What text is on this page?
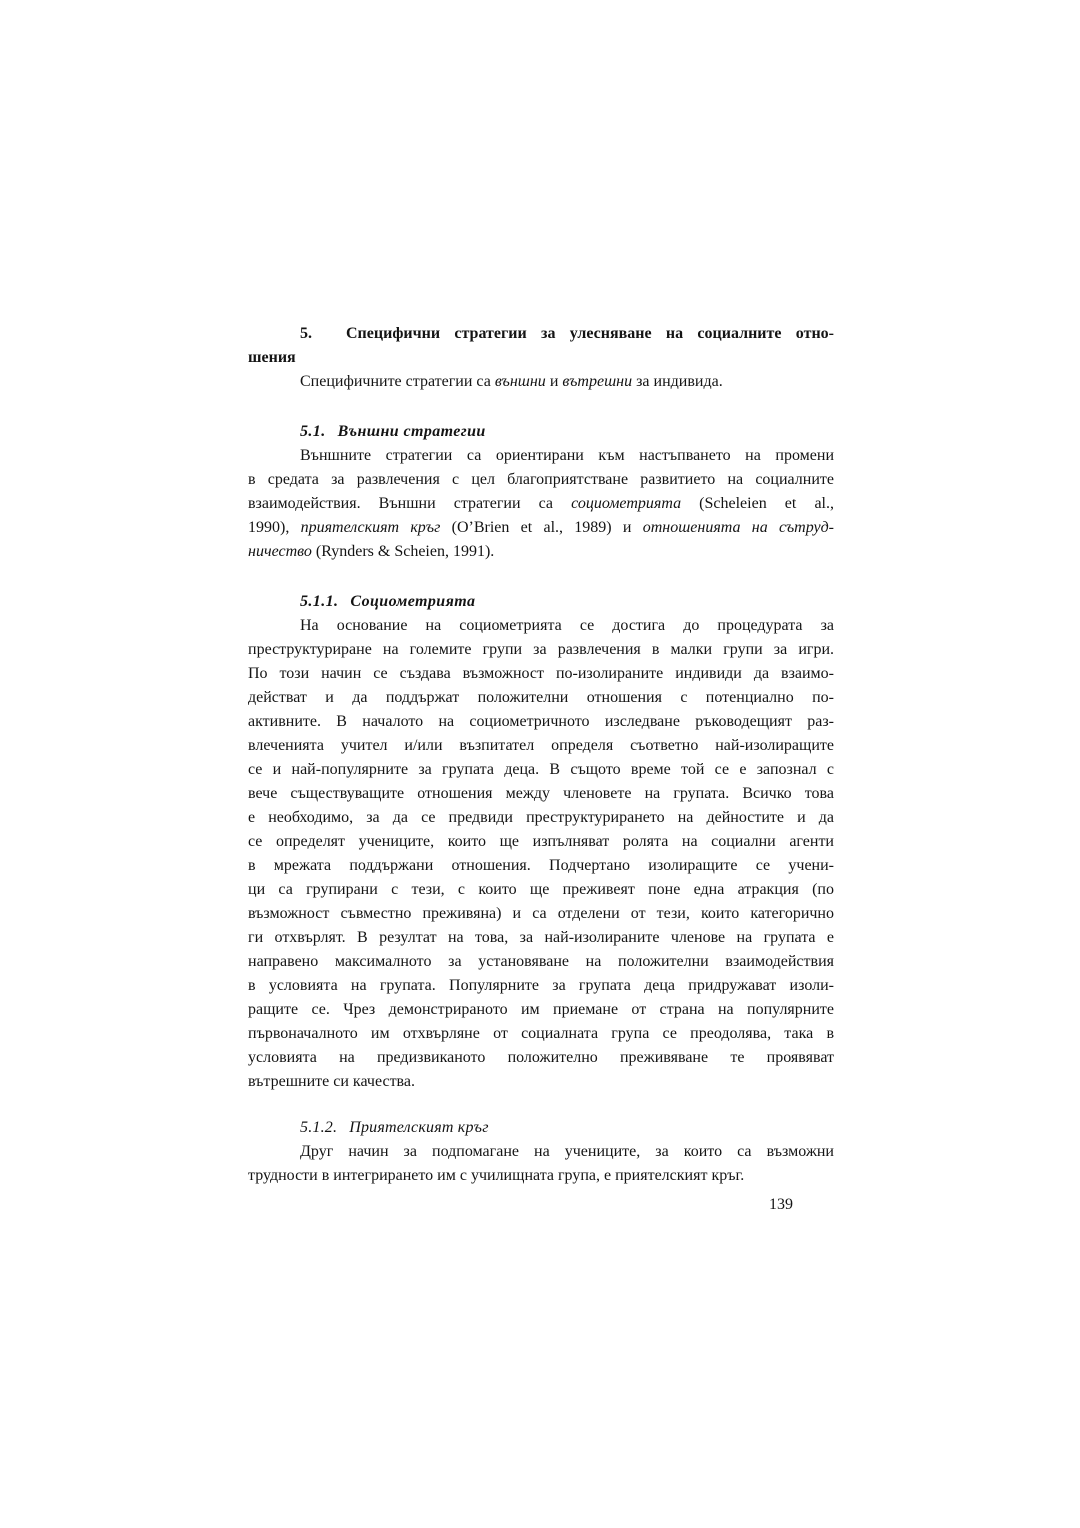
5. Специфични стратегии за улесняване на социалните отно-
шения
Специфичните стратегии са външни и вътрешни за индивида.
5.1. Външни стратегии
Външните стратегии са ориентирани към настъпването на промени
в средата за развлечения с цел благоприятстване развитието на социалните
взаимодействия. Външни стратегии са социометрията (Scheleien et al.,
1990), приятелският кръг (O’Brien et al., 1989) и отношенията на сътруд-
ничество (Rynders & Scheien, 1991).
5.1.1. Социометрията
На основание на социометрията се достига до процедурата за
преструктуриране на големите групи за развлечения в малки групи за игри.
По този начин се създава възможност по-изолираните индивиди да взаимо-
действат и да поддържат положителни отношения с потенциално по-
активните. В началото на социометричното изследване ръководещият раз-
влеченията учител и/или възпитател определя съответно най-изолиращите
се и най-популярните за групата деца. В същото време той се е запознал с
вече съществуващите отношения между членовете на групата. Всичко това
е необходимо, за да се предвиди преструктурирането на дейностите и да
се определят учениците, които ще изпълняват ролята на социални агенти
в мрежата поддържани отношения. Подчертано изолиращите се учени-
ци са групирани с тези, с които ще преживеят поне една атракция (по
възможност съвместно преживяна) и са отделени от тези, които категорично
ги отхвърлят. В резултат на това, за най-изолираните членове на групата е
направено максималното за установяване на положителни взаимодействия
в условията на групата. Популярните за групата деца придружават изоли-
ращите се. Чрез демонстрираното им приемане от страна на популярните
първоначалното им отхвърляне от социалната група се преодолява, така в
условията на предизвиканото положително преживяване те проявяват
вътрешните си качества.
5.1.2. Приятелският кръг
Друг начин за подпомагане на учениците, за които са възможни
трудности в интегрирането им с училищната група, е приятелският кръг.
139
